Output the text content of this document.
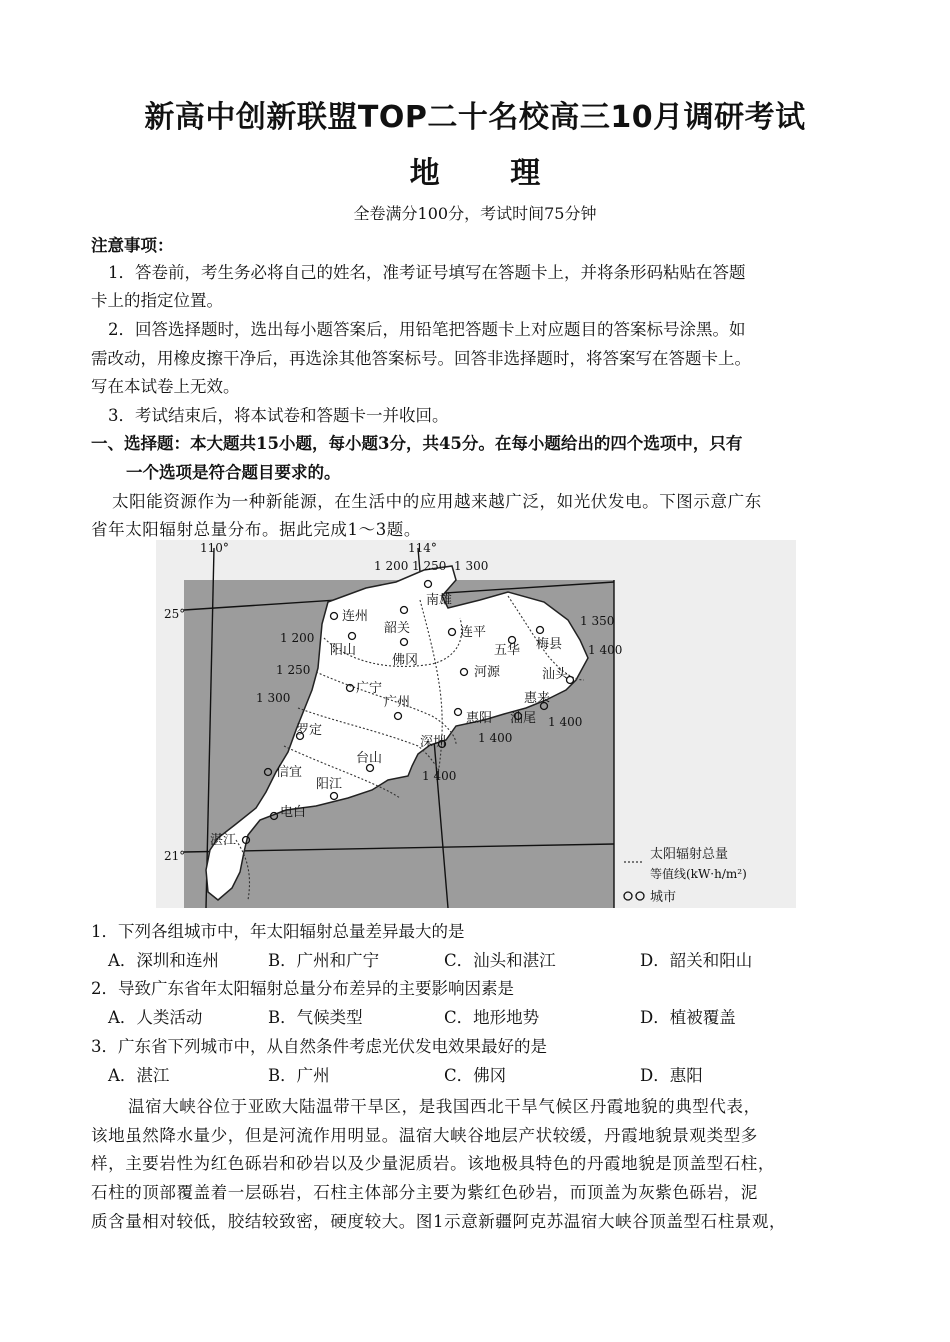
新高中创新联盟TOP二十名校高三10月调研考试
地 理
全卷满分100分，考试时间75分钟
注意事项：
1．答卷前，考生务必将自己的姓名，准考证号填写在答题卡上，并将条形码粘贴在答题
卡上的指定位置。
2．回答选择题时，选出每小题答案后，用铅笔把答题卡上对应题目的答案标号涂黑。如
需改动，用橡皮擦干净后，再选涂其他答案标号。回答非选择题时，将答案写在答题卡上。
写在本试卷上无效。
3．考试结束后，将本试卷和答题卡一并收回。
一、选择题：本大题共15小题，每小题3分，共45分。在每小题给出的四个选项中，只有
一个选项是符合题目要求的。
太阳能资源作为一种新能源，在生活中的应用越来越广泛，如光伏发电。下图示意广东
省年太阳辐射总量分布。据此完成1～3题。
110°	114°
25°
21°
1 200 1 250 1 300
1 350
1 400
1 200
1 250
1 300
1 400
1 400
1 400
南雄
连州
韶关	连平
梅县
阳山
佛冈
五华
河源	汕头
广宁
广州	惠来
惠阳 汕尾
罗定
深圳
台山
信宜
阳江
电白
湛江
太阳辐射总量
等值线(kW·h/m²)
城市
1．下列各组城市中，年太阳辐射总量差异最大的是
A．深圳和连州	B．广州和广宁	C．汕头和湛江	D．韶关和阳山
2．导致广东省年太阳辐射总量分布差异的主要影响因素是
A．人类活动	B．气候类型	C．地形地势	D．植被覆盖
3．广东省下列城市中，从自然条件考虑光伏发电效果最好的是
A．湛江	B．广州	C．佛冈	D．惠阳
温宿大峡谷位于亚欧大陆温带干旱区，是我国西北干旱气候区丹霞地貌的典型代表，
该地虽然降水量少，但是河流作用明显。温宿大峡谷地层产状较缓，丹霞地貌景观类型多
样，主要岩性为红色砾岩和砂岩以及少量泥质岩。该地极具特色的丹霞地貌是顶盖型石柱，
石柱的顶部覆盖着一层砾岩，石柱主体部分主要为紫红色砂岩，而顶盖为灰紫色砾岩，泥
质含量相对较低，胶结较致密，硬度较大。图1示意新疆阿克苏温宿大峡谷顶盖型石柱景观，
